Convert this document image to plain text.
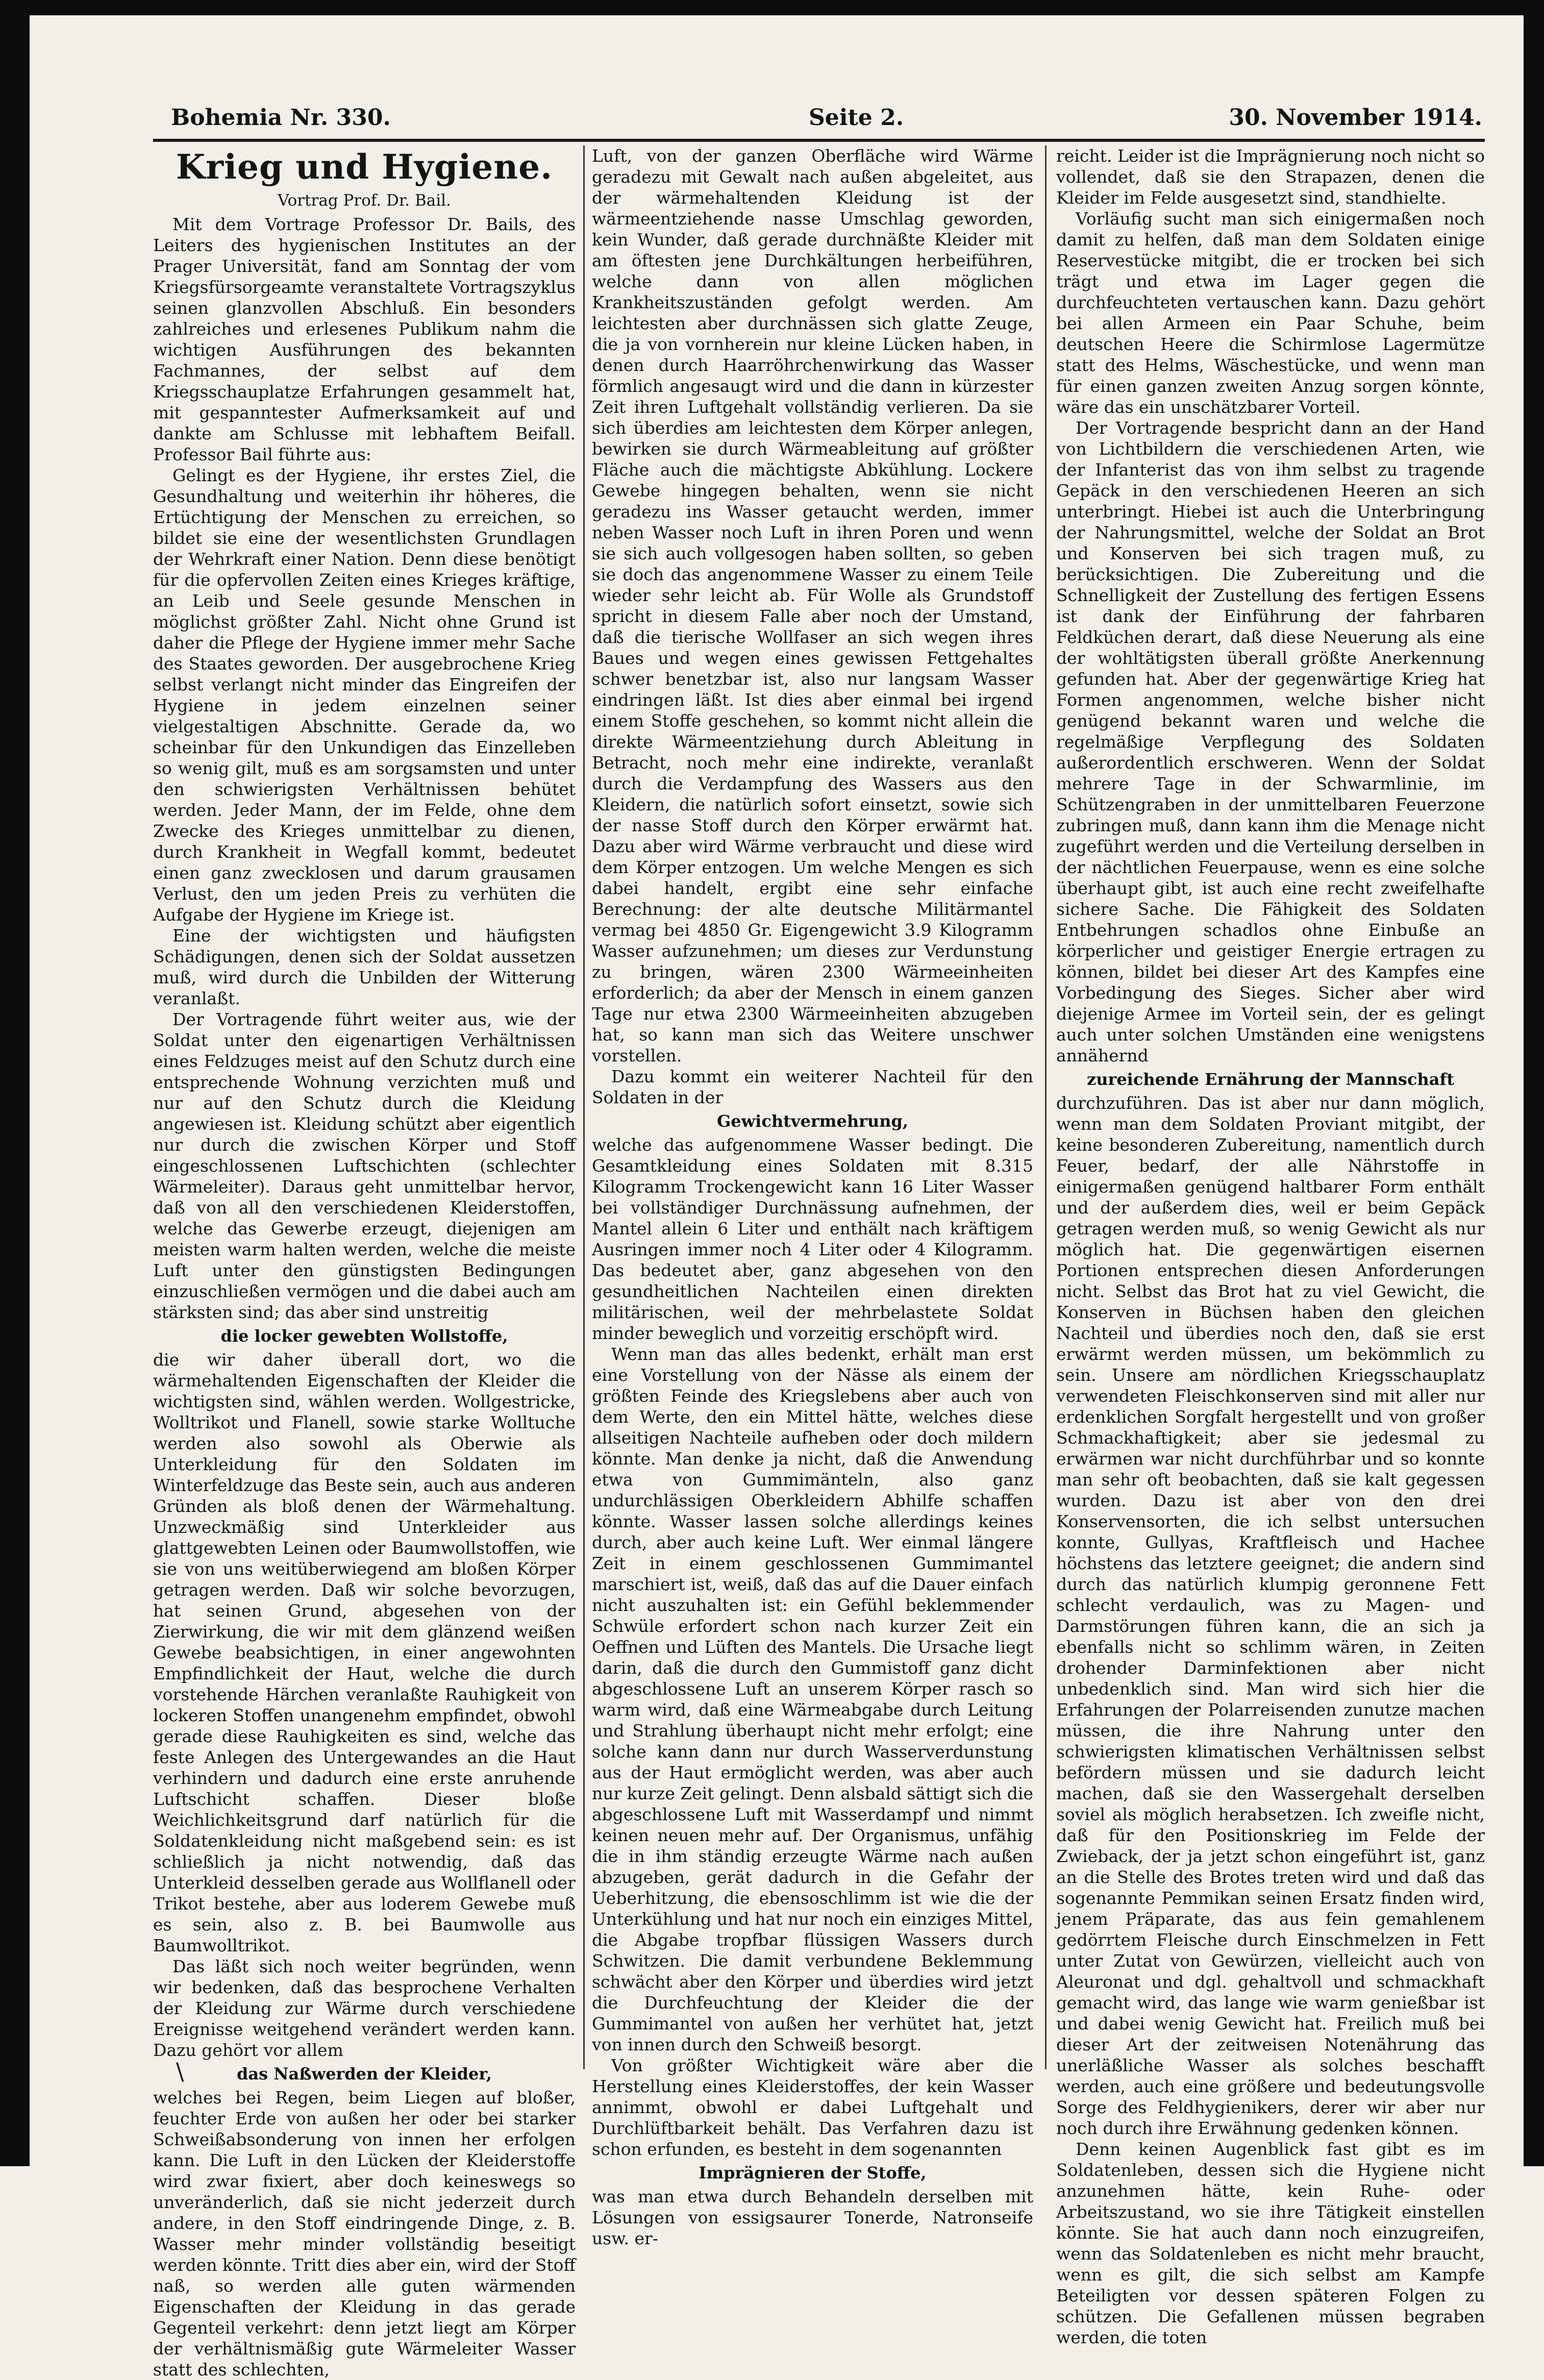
Bohemia Nr. 330.	Seite 2.	30. November 1914.
Krieg und Hygiene.
Vortrag Prof. Dr. Bail.

Mit dem Vortrage Professor Dr. Bails, des Leiters des hygienischen Institutes an der Prager Universität, fand am Sonntag der vom Kriegsfürsorgeamte veranstaltete Vortragszyklus seinen glanzvollen Abschluß. Ein besonders zahlreiches und erlesenes Publikum nahm die wichtigen Ausführungen des bekannten Fachmannes, der selbst auf dem Kriegsschauplatze Erfahrungen gesammelt hat, mit gespanntester Aufmerksamkeit auf und dankte am Schlusse mit lebhaftem Beifall. Professor Bail führte aus:

Gelingt es der Hygiene, ihr erstes Ziel, die Gesundhaltung und weiterhin ihr höheres, die Ertüchtigung der Menschen zu erreichen, so bildet sie eine der wesentlichsten Grundlagen der Wehrkraft einer Nation. Denn diese benötigt für die opfervollen Zeiten eines Krieges kräftige, an Leib und Seele gesunde Menschen in möglichst größter Zahl. Nicht ohne Grund ist daher die Pflege der Hygiene immer mehr Sache des Staates geworden. Der ausgebrochene Krieg selbst verlangt nicht minder das Eingreifen der Hygiene in jedem einzelnen seiner vielgestaltigen Abschnitte. Gerade da, wo scheinbar für den Unkundigen das Einzelleben so wenig gilt, muß es am sorgsamsten und unter den schwierigsten Verhältnissen behütet werden. Jeder Mann, der im Felde, ohne dem Zwecke des Krieges unmittelbar zu dienen, durch Krankheit in Wegfall kommt, bedeutet einen ganz zwecklosen und darum grausamen Verlust, den um jeden Preis zu verhüten die Aufgabe der Hygiene im Kriege ist.

Eine der wichtigsten und häufigsten Schädigungen, denen sich der Soldat aussetzen muß, wird durch die Unbilden der Witterung veranlaßt.

Der Vortragende führt weiter aus, wie der Soldat unter den eigenartigen Verhältnissen eines Feldzuges meist auf den Schutz durch eine entsprechende Wohnung verzichten muß und nur auf den Schutz durch die Kleidung angewiesen ist. Kleidung schützt aber eigentlich nur durch die zwischen Körper und Stoff eingeschlossenen Luftschichten (schlechter Wärmeleiter). Daraus geht unmittelbar hervor, daß von all den verschiedenen Kleiderstoffen, welche das Gewerbe erzeugt, diejenigen am meisten warm halten werden, welche die meiste Luft unter den günstigsten Bedingungen einzuschließen vermögen und die dabei auch am stärksten sind; das aber sind unstreitig

die locker gewebten Wollstoffe,

die wir daher überall dort, wo die wärmehaltenden Eigenschaften der Kleider die wichtigsten sind, wählen werden. Wollgestricke, Wolltrikot und Flanell, sowie starke Wolltuche werden also sowohl als Oberwie als Unterkleidung für den Soldaten im Winterfeldzuge das Beste sein, auch aus anderen Gründen als bloß denen der Wärmehaltung. Unzweckmäßig sind Unterkleider aus glattgewebten Leinen oder Baumwollstoffen, wie sie von uns weitüberwiegend am bloßen Körper getragen werden. Daß wir solche bevorzugen, hat seinen Grund, abgesehen von der Zierwirkung, die wir mit dem glänzend weißen Gewebe beabsichtigen, in einer angewohnten Empfindlichkeit der Haut, welche die durch vorstehende Härchen veranlaßte Rauhigkeit von lockeren Stoffen unangenehm empfindet, obwohl gerade diese Rauhigkeiten es sind, welche das feste Anlegen des Untergewandes an die Haut verhindern und dadurch eine erste anruhende Luftschicht schaffen. Dieser bloße Weichlichkeitsgrund darf natürlich für die Soldatenkleidung nicht maßgebend sein: es ist schließlich ja nicht notwendig, daß das Unterkleid desselben gerade aus Wollflanell oder Trikot bestehe, aber aus loderem Gewebe muß es sein, also z. B. bei Baumwolle aus Baumwolltrikot.

Das läßt sich noch weiter begründen, wenn wir bedenken, daß das besprochene Verhalten der Kleidung zur Wärme durch verschiedene Ereignisse weitgehend verändert werden kann. Dazu gehört vor allem

das Naßwerden der Kleider,

welches bei Regen, beim Liegen auf bloßer, feuchter Erde von außen her oder bei starker Schweißabsonderung von innen her erfolgen kann. Die Luft in den Lücken der Kleiderstoffe wird zwar fixiert, aber doch keineswegs so unveränderlich, daß sie nicht jederzeit durch andere, in den Stoff eindringende Dinge, z. B. Wasser mehr minder vollständig beseitigt werden könnte. Tritt dies aber ein, wird der Stoff naß, so werden alle guten wärmenden Eigenschaften der Kleidung in das gerade Gegenteil verkehrt: denn jetzt liegt am Körper der verhältnismäßig gute Wärmeleiter Wasser statt des schlechten,

Luft, von der ganzen Oberfläche wird Wärme geradezu mit Gewalt nach außen abgeleitet, aus der wärmehaltenden Kleidung ist der wärmeentziehende nasse Umschlag geworden, kein Wunder, daß gerade durchnäßte Kleider mit am öftesten jene Durchkältungen herbeiführen, welche dann von allen möglichen Krankheitszuständen gefolgt werden. Am leichtesten aber durchnässen sich glatte Zeuge, die ja von vornherein nur kleine Lücken haben, in denen durch Haarröhrchenwirkung das Wasser förmlich angesaugt wird und die dann in kürzester Zeit ihren Luftgehalt vollständig verlieren. Da sie sich überdies am leichtesten dem Körper anlegen, bewirken sie durch Wärmeableitung auf größter Fläche auch die mächtigste Abkühlung. Lockere Gewebe hingegen behalten, wenn sie nicht geradezu ins Wasser getaucht werden, immer neben Wasser noch Luft in ihren Poren und wenn sie sich auch vollgesogen haben sollten, so geben sie doch das angenommene Wasser zu einem Teile wieder sehr leicht ab. Für Wolle als Grundstoff spricht in diesem Falle aber noch der Umstand, daß die tierische Wollfaser an sich wegen ihres Baues und wegen eines gewissen Fettgehaltes schwer benetzbar ist, also nur langsam Wasser eindringen läßt. Ist dies aber einmal bei irgend einem Stoffe geschehen, so kommt nicht allein die direkte Wärmeentziehung durch Ableitung in Betracht, noch mehr eine indirekte, veranlaßt durch die Verdampfung des Wassers aus den Kleidern, die natürlich sofort einsetzt, sowie sich der nasse Stoff durch den Körper erwärmt hat. Dazu aber wird Wärme verbraucht und diese wird dem Körper entzogen. Um welche Mengen es sich dabei handelt, ergibt eine sehr einfache Berechnung: der alte deutsche Militärmantel vermag bei 4850 Gr. Eigengewicht 3.9 Kilogramm Wasser aufzunehmen; um dieses zur Verdunstung zu bringen, wären 2300 Wärmeeinheiten erforderlich; da aber der Mensch in einem ganzen Tage nur etwa 2300 Wärmeeinheiten abzugeben hat, so kann man sich das Weitere unschwer vorstellen.

Dazu kommt ein weiterer Nachteil für den Soldaten in der

Gewichtvermehrung,

welche das aufgenommene Wasser bedingt. Die Gesamtkleidung eines Soldaten mit 8.315 Kilogramm Trockengewicht kann 16 Liter Wasser bei vollständiger Durchnässung aufnehmen, der Mantel allein 6 Liter und enthält nach kräftigem Ausringen immer noch 4 Liter oder 4 Kilogramm. Das bedeutet aber, ganz abgesehen von den gesundheitlichen Nachteilen einen direkten militärischen, weil der mehrbelastete Soldat minder beweglich und vorzeitig erschöpft wird.

Wenn man das alles bedenkt, erhält man erst eine Vorstellung von der Nässe als einem der größten Feinde des Kriegslebens aber auch von dem Werte, den ein Mittel hätte, welches diese allseitigen Nachteile aufheben oder doch mildern könnte. Man denke ja nicht, daß die Anwendung etwa von Gummimänteln, also ganz undurchlässigen Oberkleidern Abhilfe schaffen könnte. Wasser lassen solche allerdings keines durch, aber auch keine Luft. Wer einmal längere Zeit in einem geschlossenen Gummimantel marschiert ist, weiß, daß das auf die Dauer einfach nicht auszuhalten ist: ein Gefühl beklemmender Schwüle erfordert schon nach kurzer Zeit ein Oeffnen und Lüften des Mantels. Die Ursache liegt darin, daß die durch den Gummistoff ganz dicht abgeschlossene Luft an unserem Körper rasch so warm wird, daß eine Wärmeabgabe durch Leitung und Strahlung überhaupt nicht mehr erfolgt; eine solche kann dann nur durch Wasserverdunstung aus der Haut ermöglicht werden, was aber auch nur kurze Zeit gelingt. Denn alsbald sättigt sich die abgeschlossene Luft mit Wasserdampf und nimmt keinen neuen mehr auf. Der Organismus, unfähig die in ihm ständig erzeugte Wärme nach außen abzugeben, gerät dadurch in die Gefahr der Ueberhitzung, die ebensoschlimm ist wie die der Unterkühlung und hat nur noch ein einziges Mittel, die Abgabe tropfbar flüssigen Wassers durch Schwitzen. Die damit verbundene Beklemmung schwächt aber den Körper und überdies wird jetzt die Durchfeuchtung der Kleider die der Gummimantel von außen her verhütet hat, jetzt von innen durch den Schweiß besorgt.

Von größter Wichtigkeit wäre aber die Herstellung eines Kleiderstoffes, der kein Wasser annimmt, obwohl er dabei Luftgehalt und Durchlüftbarkeit behält. Das Verfahren dazu ist schon erfunden, es besteht in dem sogenannten

Imprägnieren der Stoffe,

was man etwa durch Behandeln derselben mit Lösungen von essigsaurer Tonerde, Natronseife usw. er-

reicht. Leider ist die Imprägnierung noch nicht so vollendet, daß sie den Strapazen, denen die Kleider im Felde ausgesetzt sind, standhielte.

Vorläufig sucht man sich einigermaßen noch damit zu helfen, daß man dem Soldaten einige Reservestücke mitgibt, die er trocken bei sich trägt und etwa im Lager gegen die durchfeuchteten vertauschen kann. Dazu gehört bei allen Armeen ein Paar Schuhe, beim deutschen Heere die Schirmlose Lagermütze statt des Helms, Wäschestücke, und wenn man für einen ganzen zweiten Anzug sorgen könnte, wäre das ein unschätzbarer Vorteil.

Der Vortragende bespricht dann an der Hand von Lichtbildern die verschiedenen Arten, wie der Infanterist das von ihm selbst zu tragende Gepäck in den verschiedenen Heeren an sich unterbringt. Hiebei ist auch die Unterbringung der Nahrungsmittel, welche der Soldat an Brot und Konserven bei sich tragen muß, zu berücksichtigen. Die Zubereitung und die Schnelligkeit der Zustellung des fertigen Essens ist dank der Einführung der fahrbaren Feldküchen derart, daß diese Neuerung als eine der wohltätigsten überall größte Anerkennung gefunden hat. Aber der gegenwärtige Krieg hat Formen angenommen, welche bisher nicht genügend bekannt waren und welche die regelmäßige Verpflegung des Soldaten außerordentlich erschweren. Wenn der Soldat mehrere Tage in der Schwarmlinie, im Schützengraben in der unmittelbaren Feuerzone zubringen muß, dann kann ihm die Menage nicht zugeführt werden und die Verteilung derselben in der nächtlichen Feuerpause, wenn es eine solche überhaupt gibt, ist auch eine recht zweifelhafte sichere Sache. Die Fähigkeit des Soldaten Entbehrungen schadlos ohne Einbuße an körperlicher und geistiger Energie ertragen zu können, bildet bei dieser Art des Kampfes eine Vorbedingung des Sieges. Sicher aber wird diejenige Armee im Vorteil sein, der es gelingt auch unter solchen Umständen eine wenigstens annähernd

zureichende Ernährung der Mannschaft

durchzuführen. Das ist aber nur dann möglich, wenn man dem Soldaten Proviant mitgibt, der keine besonderen Zubereitung, namentlich durch Feuer, bedarf, der alle Nährstoffe in einigermaßen genügend haltbarer Form enthält und der außerdem dies, weil er beim Gepäck getragen werden muß, so wenig Gewicht als nur möglich hat. Die gegenwärtigen eisernen Portionen entsprechen diesen Anforderungen nicht. Selbst das Brot hat zu viel Gewicht, die Konserven in Büchsen haben den gleichen Nachteil und überdies noch den, daß sie erst erwärmt werden müssen, um bekömmlich zu sein. Unsere am nördlichen Kriegsschauplatz verwendeten Fleischkonserven sind mit aller nur erdenklichen Sorgfalt hergestellt und von großer Schmackhaftigkeit; aber sie jedesmal zu erwärmen war nicht durchführbar und so konnte man sehr oft beobachten, daß sie kalt gegessen wurden. Dazu ist aber von den drei Konservensorten, die ich selbst untersuchen konnte, Gullyas, Kraftfleisch und Hachee höchstens das letztere geeignet; die andern sind durch das natürlich klumpig geronnene Fett schlecht verdaulich, was zu Magen- und Darmstörungen führen kann, die an sich ja ebenfalls nicht so schlimm wären, in Zeiten drohender Darminfektionen aber nicht unbedenklich sind. Man wird sich hier die Erfahrungen der Polarreisenden zunutze machen müssen, die ihre Nahrung unter den schwierigsten klimatischen Verhältnissen selbst befördern müssen und sie dadurch leicht machen, daß sie den Wassergehalt derselben soviel als möglich herabsetzen. Ich zweifle nicht, daß für den Positionskrieg im Felde der Zwieback, der ja jetzt schon eingeführt ist, ganz an die Stelle des Brotes treten wird und daß das sogenannte Pemmikan seinen Ersatz finden wird, jenem Präparate, das aus fein gemahlenem gedörrtem Fleische durch Einschmelzen in Fett unter Zutat von Gewürzen, vielleicht auch von Aleuronat und dgl. gehaltvoll und schmackhaft gemacht wird, das lange wie warm genießbar ist und dabei wenig Gewicht hat. Freilich muß bei dieser Art der zeitweisen Notenährung das unerläßliche Wasser als solches beschafft werden, auch eine größere und bedeutungsvolle Sorge des Feldhygienikers, derer wir aber nur noch durch ihre Erwähnung gedenken können.

Denn keinen Augenblick fast gibt es im Soldatenleben, dessen sich die Hygiene nicht anzunehmen hätte, kein Ruhe- oder Arbeitszustand, wo sie ihre Tätigkeit einstellen könnte. Sie hat auch dann noch einzugreifen, wenn das Soldatenleben es nicht mehr braucht, wenn es gilt, die sich selbst am Kampfe Beteiligten vor dessen späteren Folgen zu schützen. Die Gefallenen müssen begraben werden, die toten

\
